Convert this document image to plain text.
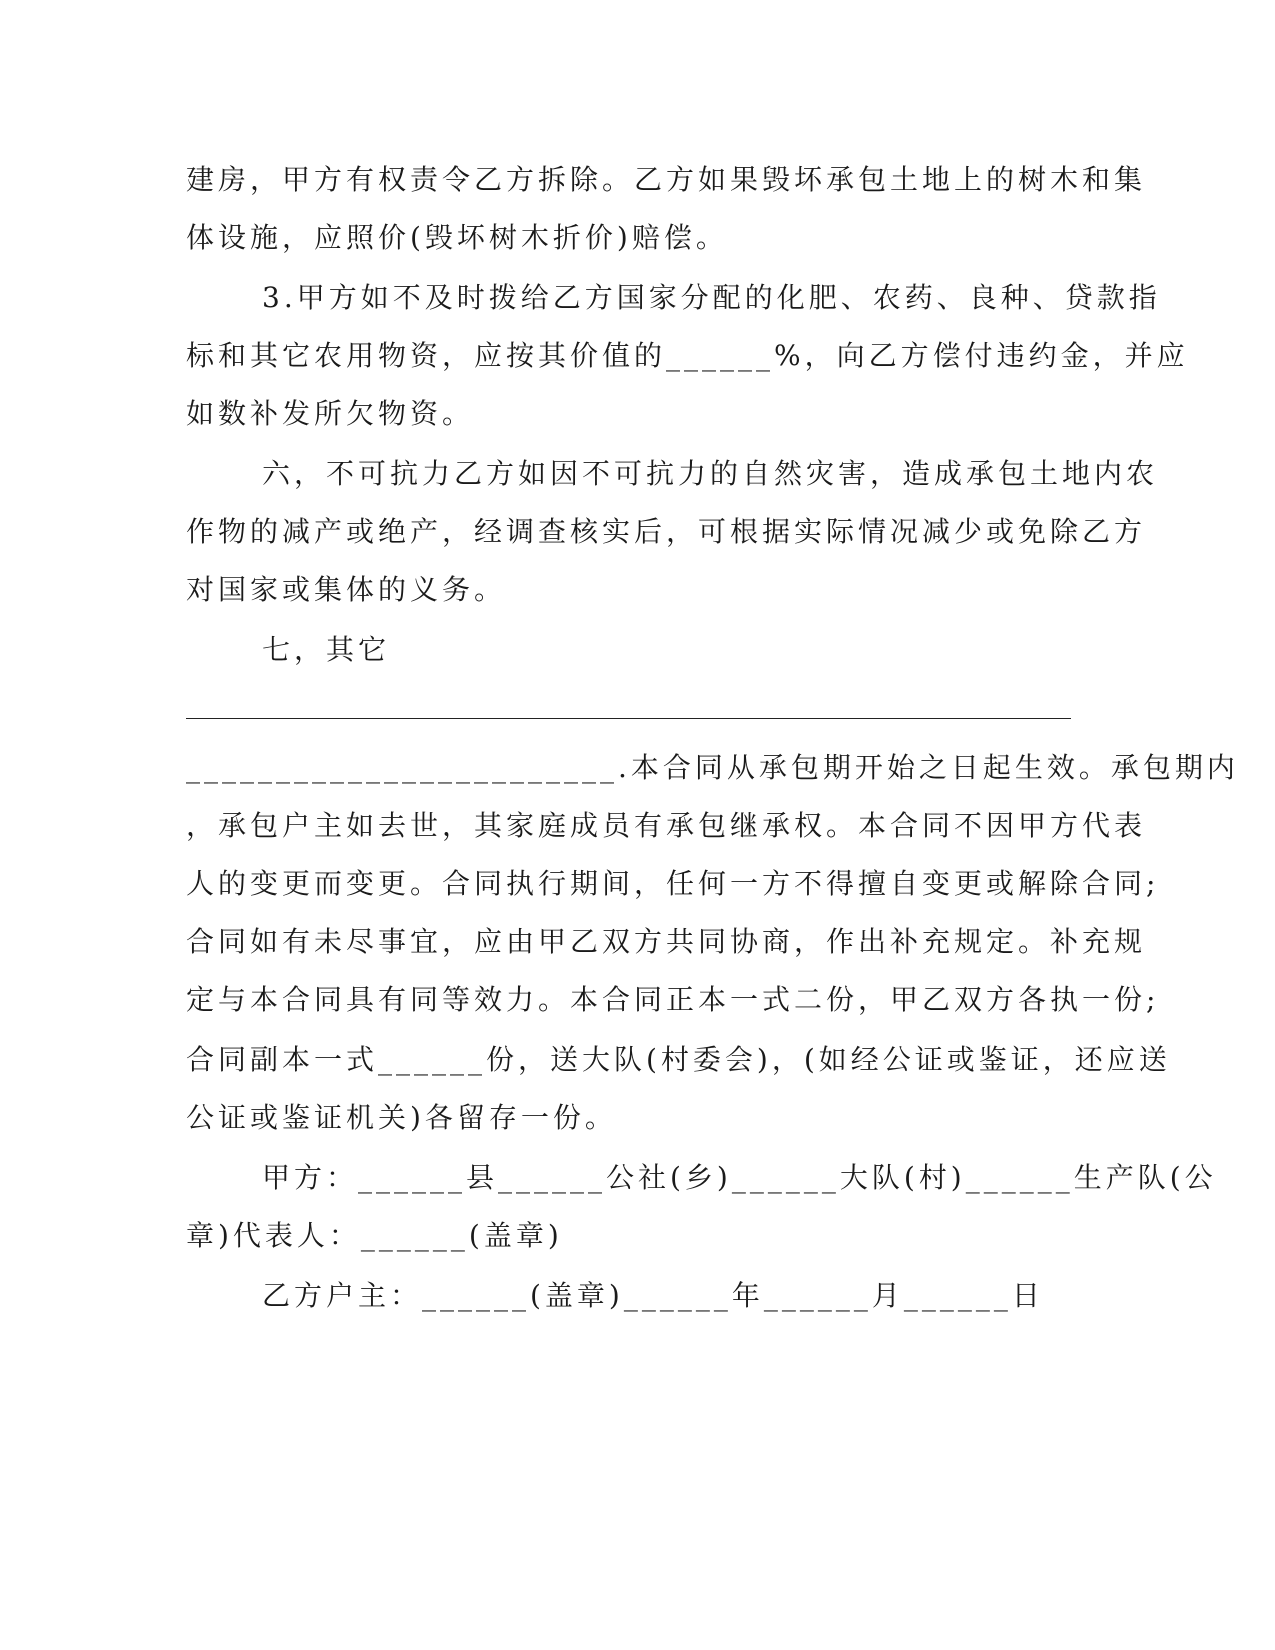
建房，甲方有权责令乙方拆除。乙方如果毁坏承包土地上的树木和集
体设施，应照价(毁坏树木折价)赔偿。
3.甲方如不及时拨给乙方国家分配的化肥、农药、良种、贷款指
标和其它农用物资，应按其价值的______%，向乙方偿付违约金，并应
如数补发所欠物资。
六，不可抗力乙方如因不可抗力的自然灾害，造成承包土地内农
作物的减产或绝产，经调查核实后，可根据实际情况减少或免除乙方
对国家或集体的义务。
七，其它
________________________.本合同从承包期开始之日起生效。承包期内
，承包户主如去世，其家庭成员有承包继承权。本合同不因甲方代表
人的变更而变更。合同执行期间，任何一方不得擅自变更或解除合同;
合同如有未尽事宜，应由甲乙双方共同协商，作出补充规定。补充规
定与本合同具有同等效力。本合同正本一式二份，甲乙双方各执一份;
合同副本一式______份，送大队(村委会)，(如经公证或鉴证，还应送
公证或鉴证机关)各留存一份。
甲方：______县______公社(乡)______大队(村)______生产队(公
章)代表人：______(盖章)
乙方户主：______(盖章)______年______月______日
